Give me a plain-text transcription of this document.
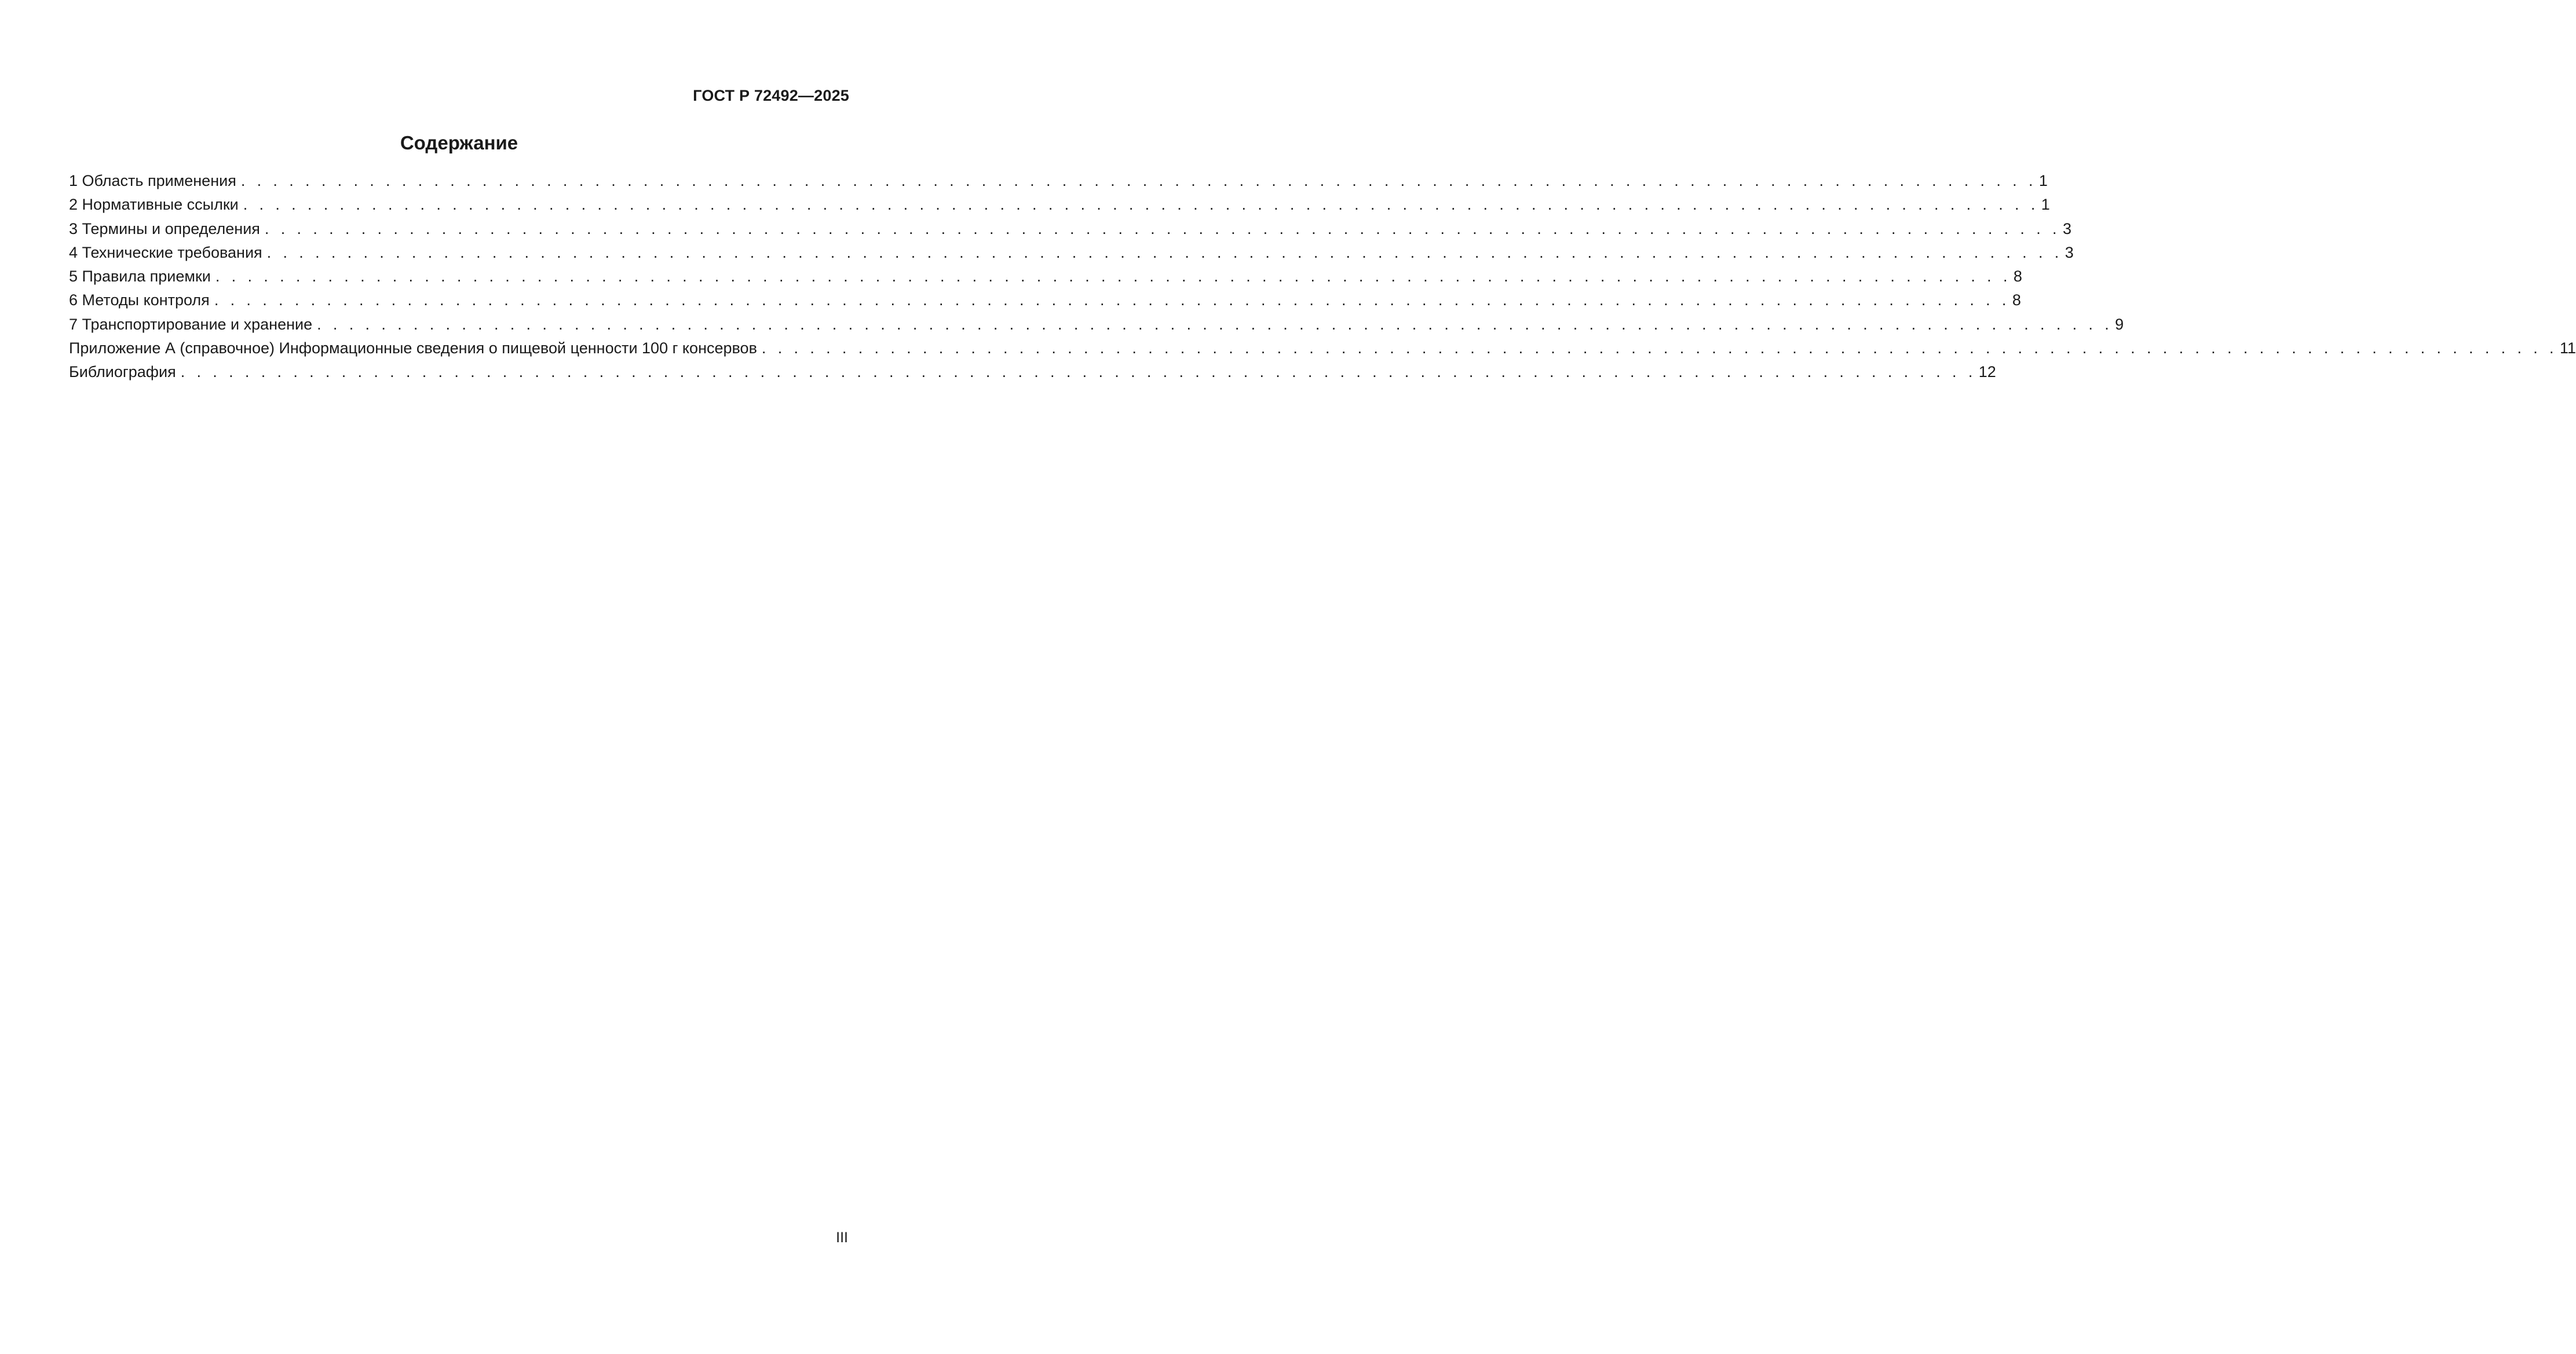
ГОСТ Р 72492—2025
Содержание
1 Область применения . . . . . . . . . . . . . . . . . . . . . . . . . . . . . . . . . . . . . . . . . . . . . . . . . . . . . . . . . . . . . . . . . . . . . . . . . . . . . . . . . . . . . . . . . . . . . . . . . . . . . . . . . . . . . . . . 1
2 Нормативные ссылки . . . . . . . . . . . . . . . . . . . . . . . . . . . . . . . . . . . . . . . . . . . . . . . . . . . . . . . . . . . . . . . . . . . . . . . . . . . . . . . . . . . . . . . . . . . . . . . . . . . . . . . . . . . . . . . . 1
3 Термины и определения . . . . . . . . . . . . . . . . . . . . . . . . . . . . . . . . . . . . . . . . . . . . . . . . . . . . . . . . . . . . . . . . . . . . . . . . . . . . . . . . . . . . . . . . . . . . . . . . . . . . . . . . . . . . . . . . 3
4 Технические требования . . . . . . . . . . . . . . . . . . . . . . . . . . . . . . . . . . . . . . . . . . . . . . . . . . . . . . . . . . . . . . . . . . . . . . . . . . . . . . . . . . . . . . . . . . . . . . . . . . . . . . . . . . . . . . . . 3
5 Правила приемки . . . . . . . . . . . . . . . . . . . . . . . . . . . . . . . . . . . . . . . . . . . . . . . . . . . . . . . . . . . . . . . . . . . . . . . . . . . . . . . . . . . . . . . . . . . . . . . . . . . . . . . . . . . . . . . . 8
6 Методы контроля . . . . . . . . . . . . . . . . . . . . . . . . . . . . . . . . . . . . . . . . . . . . . . . . . . . . . . . . . . . . . . . . . . . . . . . . . . . . . . . . . . . . . . . . . . . . . . . . . . . . . . . . . . . . . . . . 8
7 Транспортирование и хранение . . . . . . . . . . . . . . . . . . . . . . . . . . . . . . . . . . . . . . . . . . . . . . . . . . . . . . . . . . . . . . . . . . . . . . . . . . . . . . . . . . . . . . . . . . . . . . . . . . . . . . . . . . . . . . . . 9
Приложение А (справочное) Информационные сведения о пищевой ценности 100 г консервов . . . . . . . . . . . . . . . . . . . . . . . . . . . . . . . . . . . . . . . . . . . . . . . . . . . . . . . . . . . . . . . . . . . . . . . . . . . . . . . . . . . . . . . . . . . . . . . . . . . . . . . . . . . . . . . . 11
Библиография . . . . . . . . . . . . . . . . . . . . . . . . . . . . . . . . . . . . . . . . . . . . . . . . . . . . . . . . . . . . . . . . . . . . . . . . . . . . . . . . . . . . . . . . . . . . . . . . . . . . . . . . . . . . . . . . 12
III
